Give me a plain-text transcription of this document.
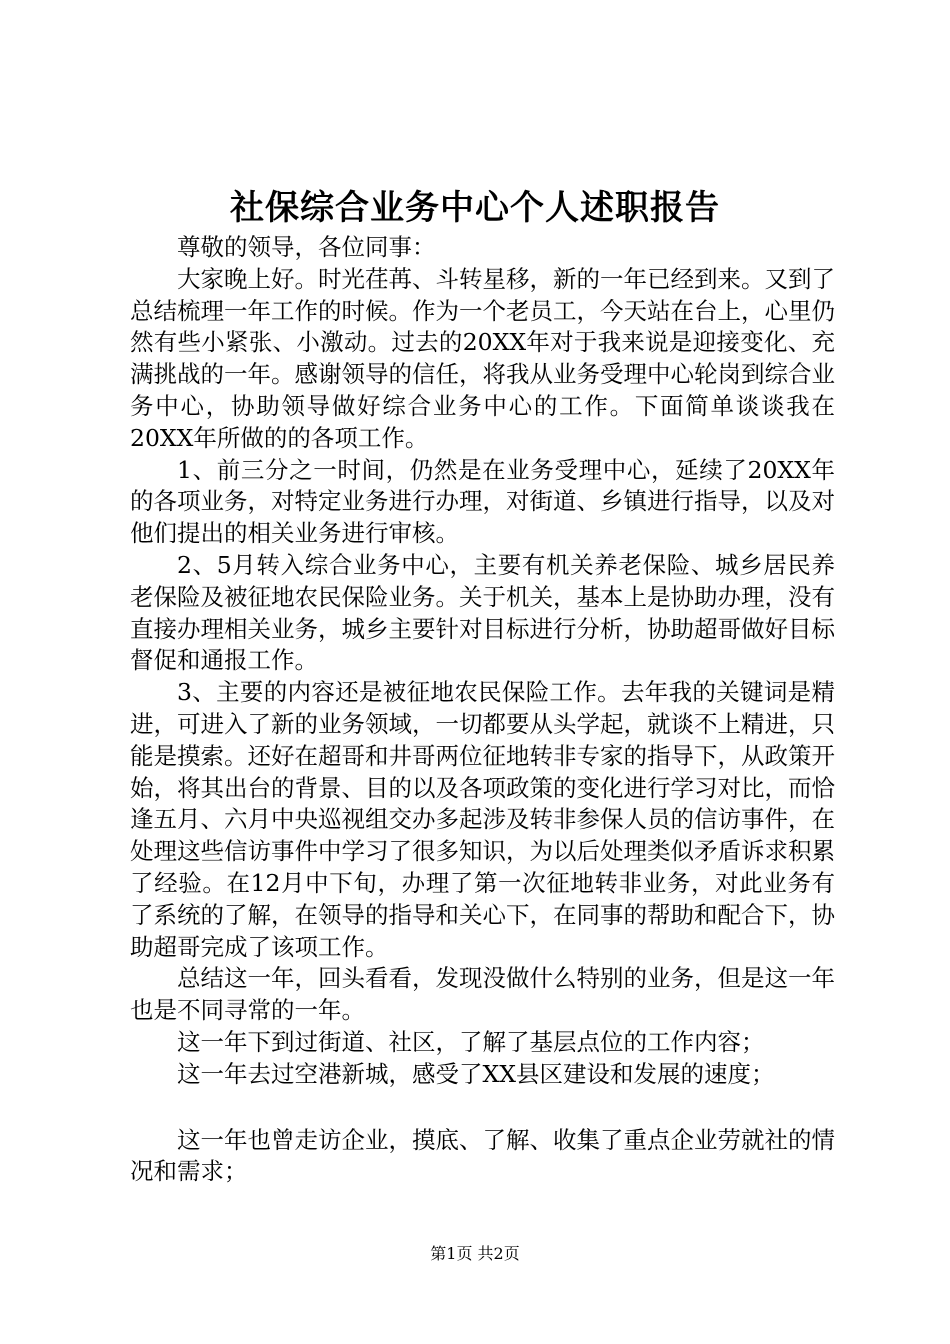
社保综合业务中心个人述职报告

尊敬的领导，各位同事：

大家晚上好。时光荏苒、斗转星移，新的一年已经到来。又到了总结梳理一年工作的时候。作为一个老员工，今天站在台上，心里仍然有些小紧张、小激动。过去的20XX年对于我来说是迎接变化、充满挑战的一年。感谢领导的信任，将我从业务受理中心轮岗到综合业务中心，协助领导做好综合业务中心的工作。下面简单谈谈我在20XX年所做的的各项工作。

1、前三分之一时间，仍然是在业务受理中心，延续了20XX年的各项业务，对特定业务进行办理，对街道、乡镇进行指导，以及对他们提出的相关业务进行审核。

2、5月转入综合业务中心，主要有机关养老保险、城乡居民养老保险及被征地农民保险业务。关于机关，基本上是协助办理，没有直接办理相关业务，城乡主要针对目标进行分析，协助超哥做好目标督促和通报工作。

3、主要的内容还是被征地农民保险工作。去年我的关键词是精进，可进入了新的业务领域，一切都要从头学起，就谈不上精进，只能是摸索。还好在超哥和井哥两位征地转非专家的指导下，从政策开始，将其出台的背景、目的以及各项政策的变化进行学习对比，而恰逢五月、六月中央巡视组交办多起涉及转非参保人员的信访事件，在处理这些信访事件中学习了很多知识，为以后处理类似矛盾诉求积累了经验。在12月中下旬，办理了第一次征地转非业务，对此业务有了系统的了解，在领导的指导和关心下，在同事的帮助和配合下，协助超哥完成了该项工作。

总结这一年，回头看看，发现没做什么特别的业务，但是这一年也是不同寻常的一年。

这一年下到过街道、社区，了解了基层点位的工作内容；

这一年去过空港新城，感受了XX县区建设和发展的速度；

这一年也曾走访企业，摸底、了解、收集了重点企业劳就社的情况和需求；

第1页 共2页
